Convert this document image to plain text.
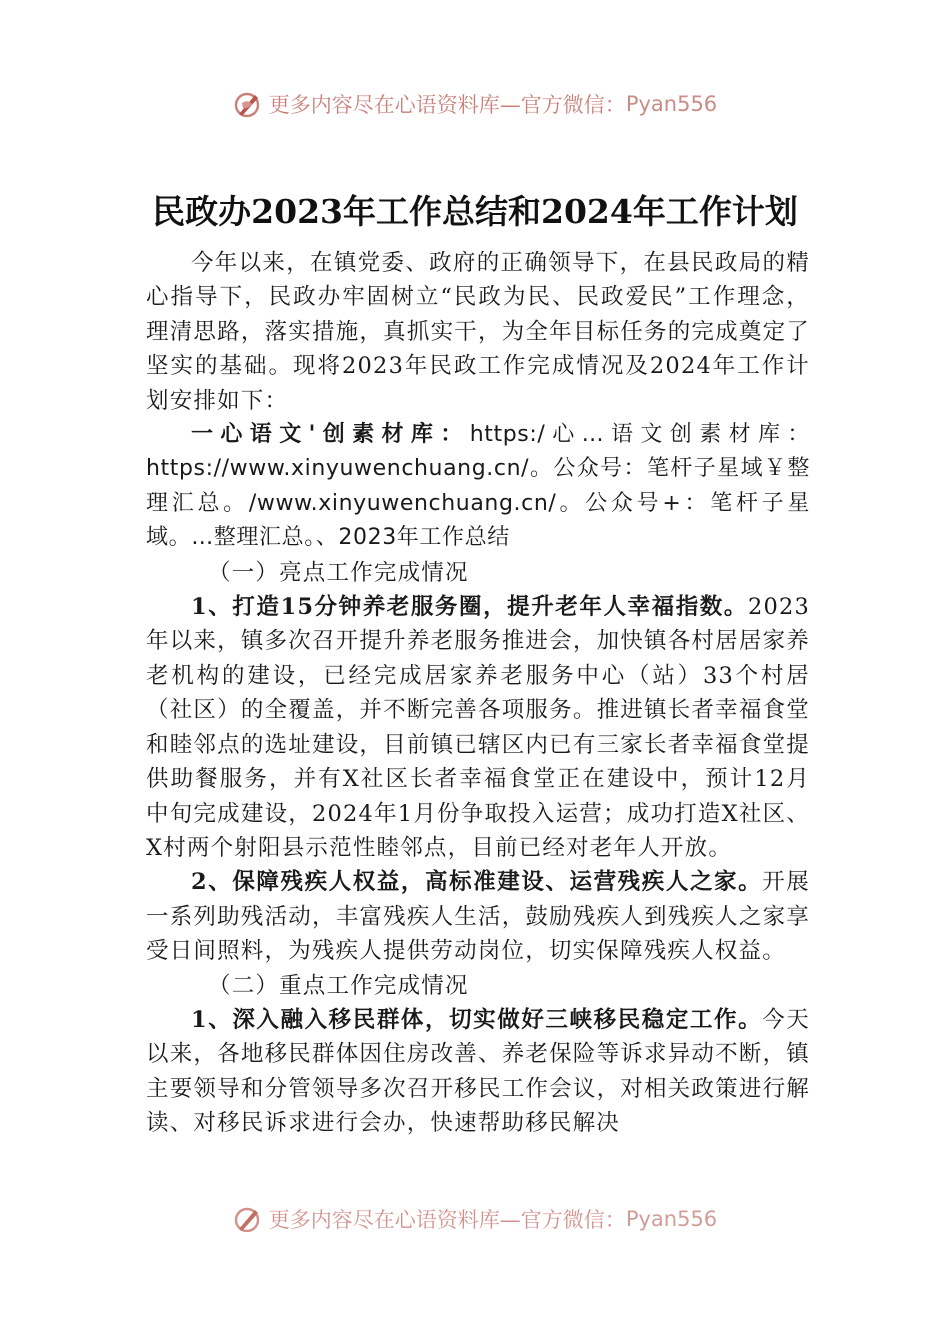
更多内容尽在心语资料库—官方微信： Pyan556
民政办2023年工作总结和2024年工作计划

今年以来，在镇党委、政府的正确领导下，在县民政局的精心指导下，民政办牢固树立“民政为民、民政爱民”工作理念，理清思路，落实措施，真抓实干，为全年目标任务的完成奠定了坚实的基础。现将2023年民政工作完成情况及2024年工作计划安排如下：

一心语文'创素材库：https:/心…语文创素材库：https://www.xinyuwenchuang.cn/。公众号：笔杆子星域￥整理汇总。/www.xinyuwenchuang.cn/。公众号+：笔杆子星域。…整理汇总。、2023年工作总结

（一）亮点工作完成情况

1、打造15分钟养老服务圈，提升老年人幸福指数。2023年以来，镇多次召开提升养老服务推进会，加快镇各村居居家养老机构的建设，已经完成居家养老服务中心（站）33个村居（社区）的全覆盖，并不断完善各项服务。推进镇长者幸福食堂和睦邻点的选址建设，目前镇已辖区内已有三家长者幸福食堂提供助餐服务，并有X社区长者幸福食堂正在建设中，预计12月中旬完成建设，2024年1月份争取投入运营；成功打造X社区、X村两个射阳县示范性睦邻点，目前已经对老年人开放。

2、保障残疾人权益，高标准建设、运营残疾人之家。开展一系列助残活动，丰富残疾人生活，鼓励残疾人到残疾人之家享受日间照料，为残疾人提供劳动岗位，切实保障残疾人权益。

（二）重点工作完成情况

1、深入融入移民群体，切实做好三峡移民稳定工作。今天以来，各地移民群体因住房改善、养老保险等诉求异动不断，镇主要领导和分管领导多次召开移民工作会议，对相关政策进行解读、对移民诉求进行会办，快速帮助移民解决

更多内容尽在心语资料库—官方微信： Pyan556
